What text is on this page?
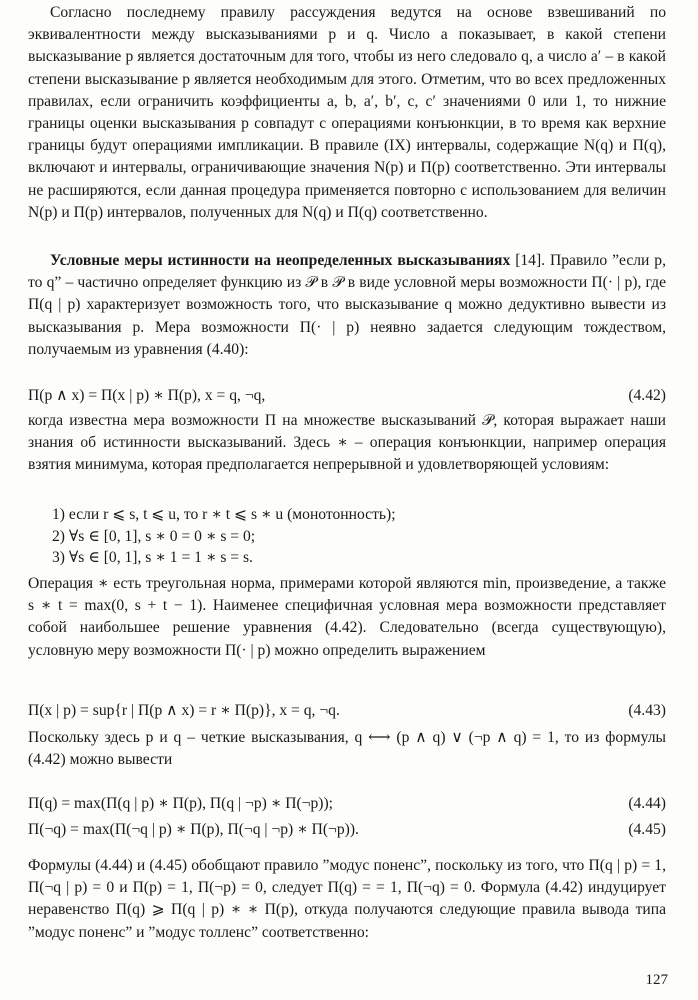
Согласно последнему правилу рассуждения ведутся на основе взвешиваний по эквивалентности между высказываниями p и q. Число a показывает, в какой степени высказывание p является достаточным для того, чтобы из него следовало q, а число a′ – в какой степени высказывание p является необходимым для этого. Отметим, что во всех предложенных правилах, если ограничить коэффициенты a, b, a′, b′, c, c′ значениями 0 или 1, то нижние границы оценки высказывания p совпадут с операциями конъюнкции, в то время как верхние границы будут операциями импликации. В правиле (IX) интервалы, содержащие N(q) и Π(q), включают и интервалы, ограничивающие значения N(p) и Π(p) соответственно. Эти интервалы не расширяются, если данная процедура применяется повторно с использованием для величин N(p) и Π(p) интервалов, полученных для N(q) и Π(q) соответственно.

Условные меры истинности на неопределенных высказываниях [14]. Правило ”если p, то q” – частично определяет функцию из 𝒫 в 𝒫 в виде условной меры возможности Π(· | p), где Π(q | p) характеризует возможность того, что высказывание q можно дедуктивно вывести из высказывания p. Мера возможности Π(· | p) неявно задается следующим тождеством, получаемым из уравнения (4.40):

Π(p ∧ x) = Π(x | p) ∗ Π(p), x = q, ¬q,	(4.42)

когда известна мера возможности Π на множестве высказываний 𝒫, которая выражает наши знания об истинности высказываний. Здесь ∗ – операция конъюнкции, например операция взятия минимума, которая предполагается непрерывной и удовлетворяющей условиям:

1) если r ⩽ s, t ⩽ u, то r ∗ t ⩽ s ∗ u (монотонность);
2) ∀s ∈ [0, 1], s ∗ 0 = 0 ∗ s = 0;
3) ∀s ∈ [0, 1], s ∗ 1 = 1 ∗ s = s.

Операция ∗ есть треугольная норма, примерами которой являются min, произведение, а также s ∗ t = max(0, s + t − 1). Наименее специфичная условная мера возможности представляет собой наибольшее решение уравнения (4.42). Следовательно (всегда существующую), условную меру возможности Π(· | p) можно определить выражением

Π(x | p) = sup{r | Π(p ∧ x) = r ∗ Π(p)}, x = q, ¬q.	(4.43)

Поскольку здесь p и q – четкие высказывания, q ⟷ (p ∧ q) ∨ (¬p ∧ q) = 1, то из формулы (4.42) можно вывести

Π(q) = max(Π(q | p) ∗ Π(p), Π(q | ¬p) ∗ Π(¬p));	(4.44)
Π(¬q) = max(Π(¬q | p) ∗ Π(p), Π(¬q | ¬p) ∗ Π(¬p)).	(4.45)

Формулы (4.44) и (4.45) обобщают правило ”модус поненс”, поскольку из того, что Π(q | p) = 1, Π(¬q | p) = 0 и Π(p) = 1, Π(¬p) = 0, следует Π(q) = = 1, Π(¬q) = 0. Формула (4.42) индуцирует неравенство Π(q) ⩾ Π(q | p) ∗ ∗ Π(p), откуда получаются следующие правила вывода типа ”модус поненс” и ”модус толленс” соответственно:

127
